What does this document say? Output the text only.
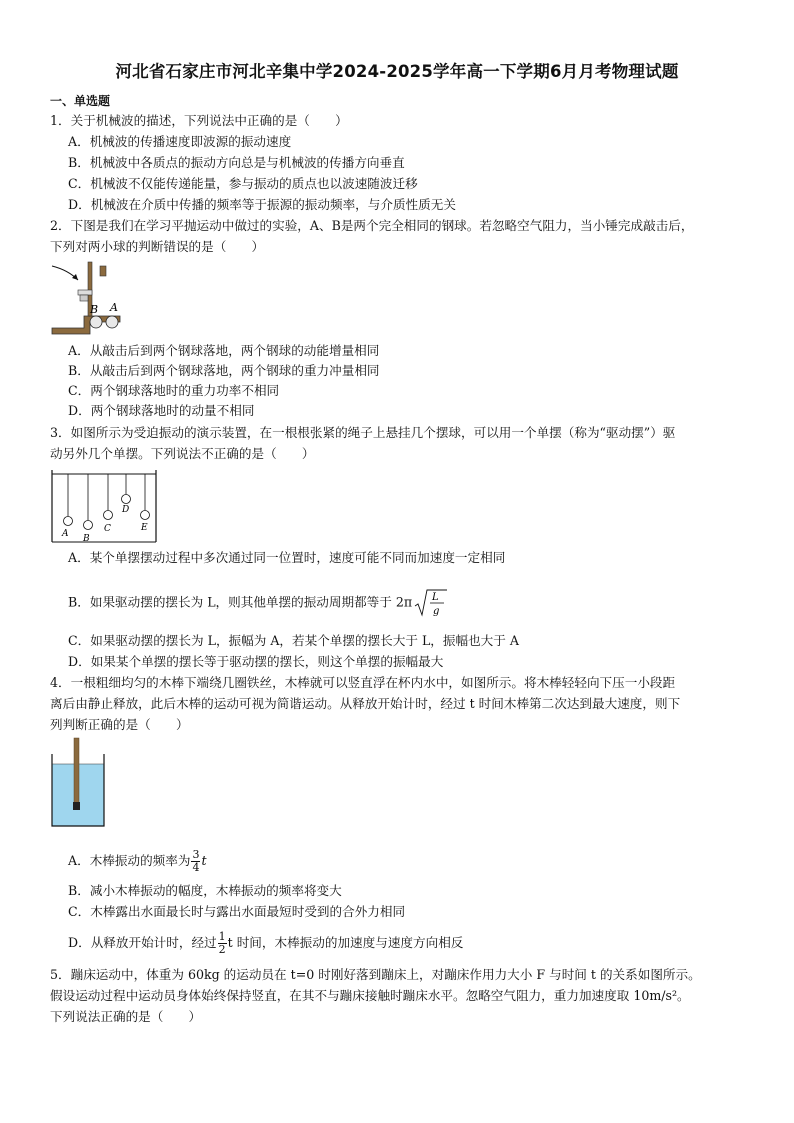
河北省石家庄市河北辛集中学2024-2025学年高一下学期6月月考物理试题
一、单选题
1．关于机械波的描述，下列说法中正确的是（　　）
A．机械波的传播速度即波源的振动速度
B．机械波中各质点的振动方向总是与机械波的传播方向垂直
C．机械波不仅能传递能量，参与振动的质点也以波速随波迁移
D．机械波在介质中传播的频率等于振源的振动频率，与介质性质无关
2．下图是我们在学习平抛运动中做过的实验，A、B是两个完全相同的钢球。若忽略空气阻力，当小锤完成敲击后，
下列对两小球的判断错误的是（　　）
B A
A．从敲击后到两个钢球落地，两个钢球的动能增量相同
B．从敲击后到两个钢球落地，两个钢球的重力冲量相同
C．两个钢球落地时的重力功率不相同
D．两个钢球落地时的动量不相同
3．如图所示为受迫振动的演示装置，在一根根张紧的绳子上悬挂几个摆球，可以用一个单摆（称为“驱动摆”）驱
动另外几个单摆。下列说法不正确的是（　　）
A B
C
D
E
A．某个单摆摆动过程中多次通过同一位置时，速度可能不同而加速度一定相同
B．如果驱动摆的摆长为 L，则其他单摆的振动周期都等于 2π L
g
C．如果驱动摆的摆长为 L，振幅为 A，若某个单摆的摆长大于 L，振幅也大于 A
D．如果某个单摆的摆长等于驱动摆的摆长，则这个单摆的振幅最大
4．一根粗细均匀的木棒下端绕几圈铁丝，木棒就可以竖直浮在杯内水中，如图所示。将木棒轻轻向下压一小段距
离后由静止释放，此后木棒的运动可视为简谐运动。从释放开始计时，经过 t 时间木棒第二次达到最大速度，则下
列判断正确的是（　　）
A．木棒振动的频率为 $\frac{3}{4}$ t
B．减小木棒振动的幅度，木棒振动的频率将变大
C．木棒露出水面最长时与露出水面最短时受到的合外力相同
D．从释放开始计时，经过 $\frac{1}{2}$ t 时间，木棒振动的加速度与速度方向相反
5．蹦床运动中，体重为 60kg 的运动员在 t=0 时刚好落到蹦床上，对蹦床作用力大小 F 与时间 t 的关系如图所示。
假设运动过程中运动员身体始终保持竖直，在其不与蹦床接触时蹦床水平。忽略空气阻力，重力加速度取 10m/s²。
下列说法正确的是（　　）
